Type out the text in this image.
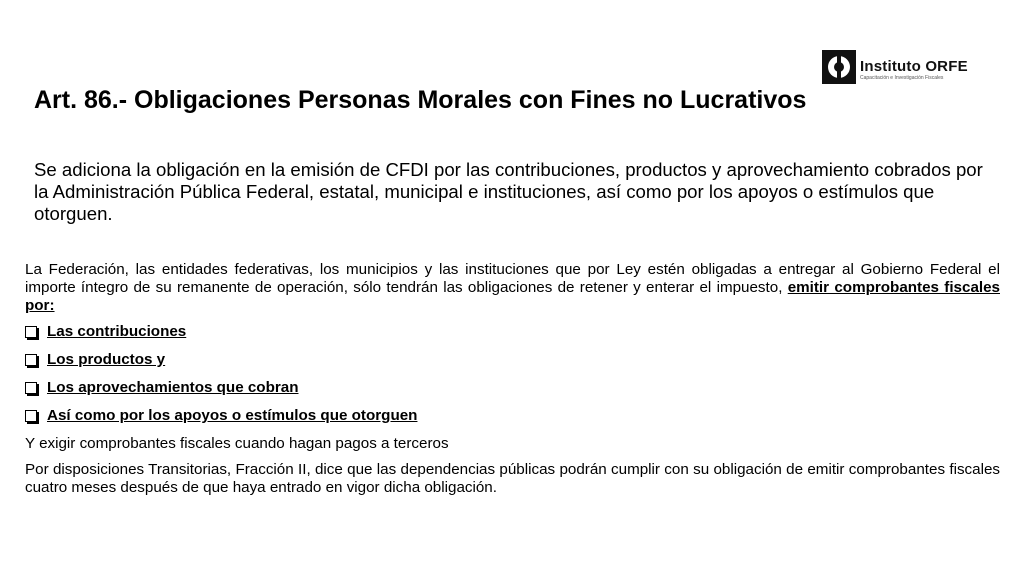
Instituto ORFE
Capacitación e Investigación Fiscales
Art. 86.- Obligaciones Personas Morales con Fines no Lucrativos

Se adiciona la obligación en la emisión de CFDI por las contribuciones, productos y aprovechamiento cobrados por la Administración Pública Federal, estatal, municipal e instituciones, así como por los apoyos o estímulos que otorguen.

La Federación, las entidades federativas, los municipios y las instituciones que por Ley estén obligadas a entregar al Gobierno Federal el importe íntegro de su remanente de operación, sólo tendrán las obligaciones de retener y enterar el impuesto, emitir comprobantes fiscales por:

Las contribuciones

Los productos y

Los aprovechamientos que cobran

Así como por los apoyos o estímulos que otorguen

Y exigir comprobantes fiscales cuando hagan pagos a terceros

Por disposiciones Transitorias, Fracción II, dice que las dependencias públicas podrán cumplir con su obligación de emitir comprobantes fiscales cuatro meses después de que haya entrado en vigor dicha obligación.
